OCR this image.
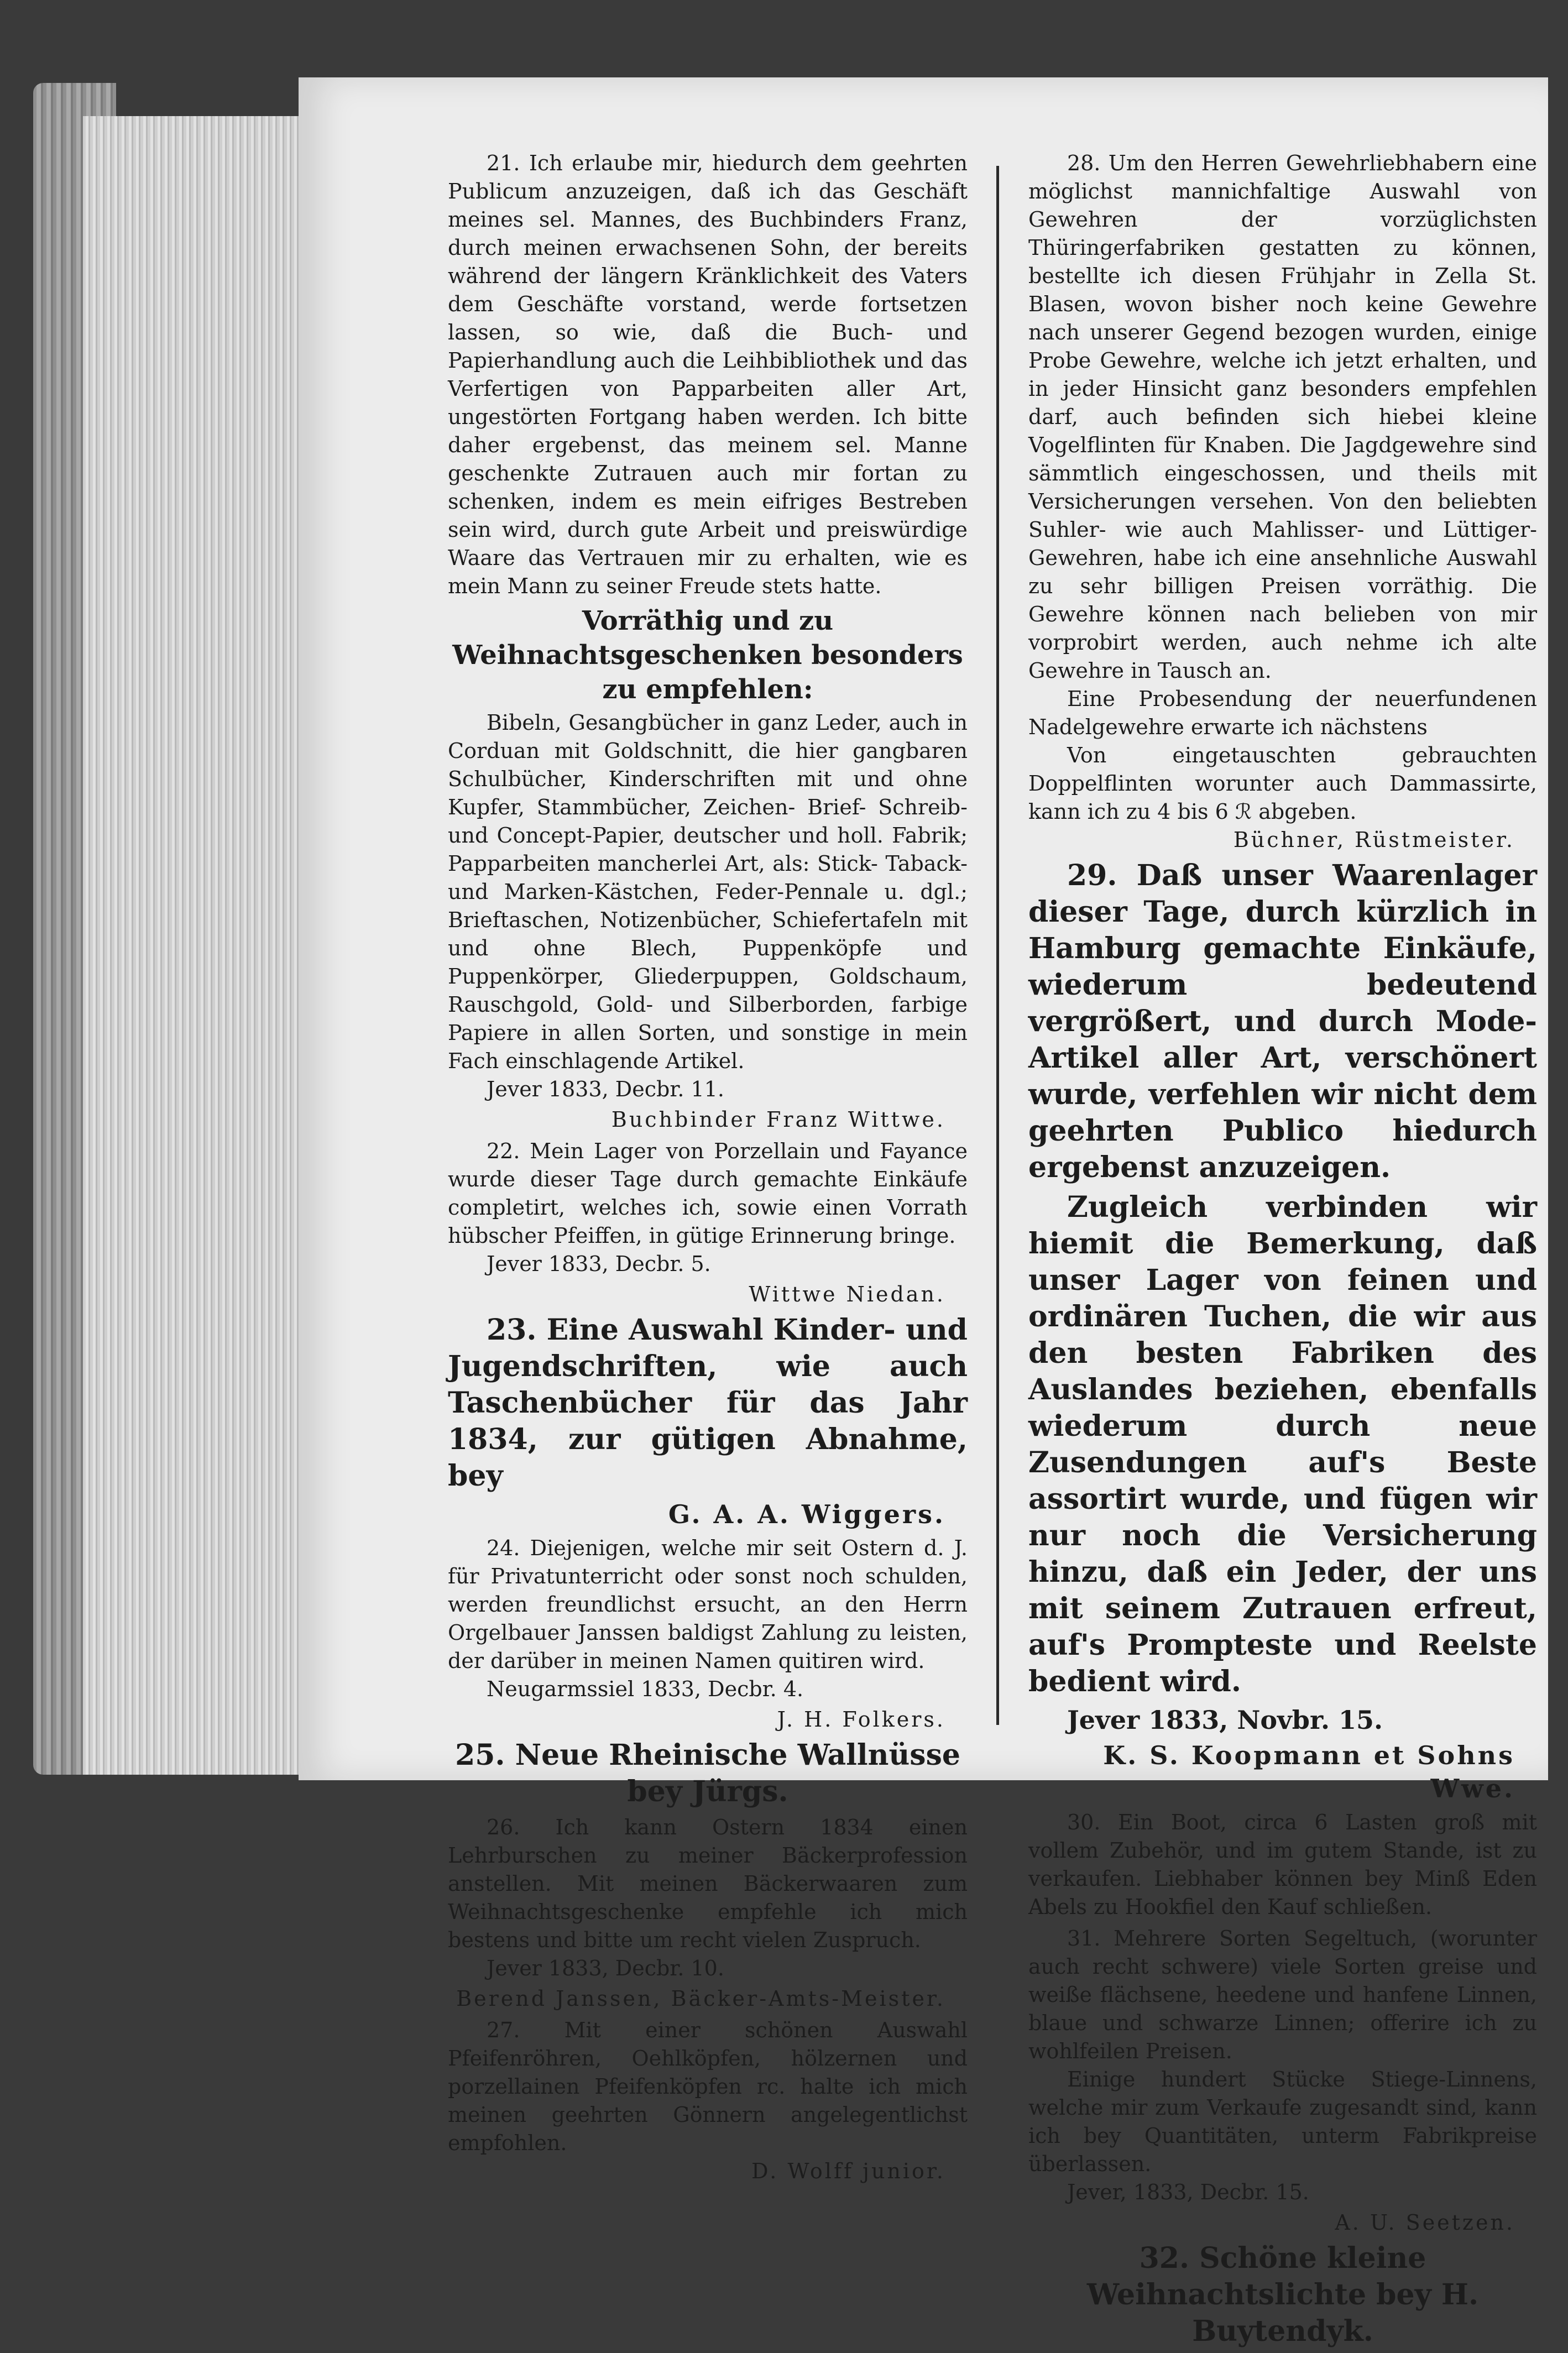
21. Ich erlaube mir, hiedurch dem geehrten Publicum anzuzeigen, daß ich das Geschäft meines sel. Mannes, des Buchbinders Franz, durch meinen erwachsenen Sohn, der bereits während der längern Kränklichkeit des Vaters dem Geschäfte vorstand, werde fortsetzen lassen, so wie, daß die Buch- und Papierhandlung auch die Leihbibliothek und das Verfertigen von Papparbeiten aller Art, ungestörten Fortgang haben werden. Ich bitte daher ergebenst, das meinem sel. Manne geschenkte Zutrauen auch mir fortan zu schenken, indem es mein eifriges Bestreben sein wird, durch gute Arbeit und preiswürdige Waare das Vertrauen mir zu erhalten, wie es mein Mann zu seiner Freude stets hatte.

Vorräthig und zu Weihnachtsgeschenken besonders zu empfehlen:

Bibeln, Gesangbücher in ganz Leder, auch in Corduan mit Goldschnitt, die hier gangbaren Schulbücher, Kinderschriften mit und ohne Kupfer, Stammbücher, Zeichen- Brief- Schreib- und Concept-Papier, deutscher und holl. Fabrik; Papparbeiten mancherlei Art, als: Stick- Taback- und Marken-Kästchen, Feder-Pennale u. dgl.; Brieftaschen, Notizenbücher, Schiefertafeln mit und ohne Blech, Puppenköpfe und Puppenkörper, Gliederpuppen, Goldschaum, Rauschgold, Gold- und Silberborden, farbige Papiere in allen Sorten, und sonstige in mein Fach einschlagende Artikel.

Jever 1833, Decbr. 11.
Buchbinder Franz Wittwe.

22. Mein Lager von Porzellain und Fayance wurde dieser Tage durch gemachte Einkäufe completirt, welches ich, sowie einen Vorrath hübscher Pfeiffen, in gütige Erinnerung bringe.

Jever 1833, Decbr. 5.
Wittwe Niedan.

23. Eine Auswahl Kinder- und Jugendschriften, wie auch Taschenbücher für das Jahr 1834, zur gütigen Abnahme, bey

G. A. A. Wiggers.

24. Diejenigen, welche mir seit Ostern d. J. für Privatunterricht oder sonst noch schulden, werden freundlichst ersucht, an den Herrn Orgelbauer Janssen baldigst Zahlung zu leisten, der darüber in meinen Namen quitiren wird.

Neugarmssiel 1833, Decbr. 4.
J. H. Folkers.

25. Neue Rheinische Wallnüsse bey Jürgs.

26. Ich kann Ostern 1834 einen Lehrburschen zu meiner Bäckerprofession anstellen. Mit meinen Bäckerwaaren zum Weihnachtsgeschenke empfehle ich mich bestens und bitte um recht vielen Zuspruch.

Jever 1833, Decbr. 10.
Berend Janssen, Bäcker-Amts-Meister.

27. Mit einer schönen Auswahl Pfeifenröhren, Oehlköpfen, hölzernen und porzellainen Pfeifenköpfen rc. halte ich mich meinen geehrten Gönnern angelegentlichst empfohlen.

D. Wolff junior.

28. Um den Herren Gewehrliebhabern eine möglichst mannichfaltige Auswahl von Gewehren der vorzüglichsten Thüringerfabriken gestatten zu können, bestellte ich diesen Frühjahr in Zella St. Blasen, wovon bisher noch keine Gewehre nach unserer Gegend bezogen wurden, einige Probe Gewehre, welche ich jetzt erhalten, und in jeder Hinsicht ganz besonders empfehlen darf, auch befinden sich hiebei kleine Vogelflinten für Knaben. Die Jagdgewehre sind sämmtlich eingeschossen, und theils mit Versicherungen versehen. Von den beliebten Suhler- wie auch Mahlisser- und Lüttiger-Gewehren, habe ich eine ansehnliche Auswahl zu sehr billigen Preisen vorräthig. Die Gewehre können nach belieben von mir vorprobirt werden, auch nehme ich alte Gewehre in Tausch an.

Eine Probesendung der neuerfundenen Nadelgewehre erwarte ich nächstens

Von eingetauschten gebrauchten Doppelflinten worunter auch Dammassirte, kann ich zu 4 bis 6 ℛ abgeben.

Büchner, Rüstmeister.

29. Daß unser Waarenlager dieser Tage, durch kürzlich in Hamburg gemachte Einkäufe, wiederum bedeutend vergrößert, und durch Mode-Artikel aller Art, verschönert wurde, verfehlen wir nicht dem geehrten Publico hiedurch ergebenst anzuzeigen.

Zugleich verbinden wir hiemit die Bemerkung, daß unser Lager von feinen und ordinären Tuchen, die wir aus den besten Fabriken des Auslandes beziehen, ebenfalls wiederum durch neue Zusendungen auf's Beste assortirt wurde, und fügen wir nur noch die Versicherung hinzu, daß ein Jeder, der uns mit seinem Zutrauen erfreut, auf's Prompteste und Reelste bedient wird.

Jever 1833, Novbr. 15.
K. S. Koopmann et Sohns Wwe.

30. Ein Boot, circa 6 Lasten groß mit vollem Zubehör, und im gutem Stande, ist zu verkaufen. Liebhaber können bey Minß Eden Abels zu Hookfiel den Kauf schließen.

31. Mehrere Sorten Segeltuch, (worunter auch recht schwere) viele Sorten greise und weiße flächsene, heedene und hanfene Linnen, blaue und schwarze Linnen; offerire ich zu wohlfeilen Preisen.

Einige hundert Stücke Stiege-Linnens, welche mir zum Verkaufe zugesandt sind, kann ich bey Quantitäten, unterm Fabrikpreise überlassen.

Jever, 1833, Decbr. 15.
A. U. Seetzen.

32. Schöne kleine Weihnachtslichte bey H. Buytendyk.
